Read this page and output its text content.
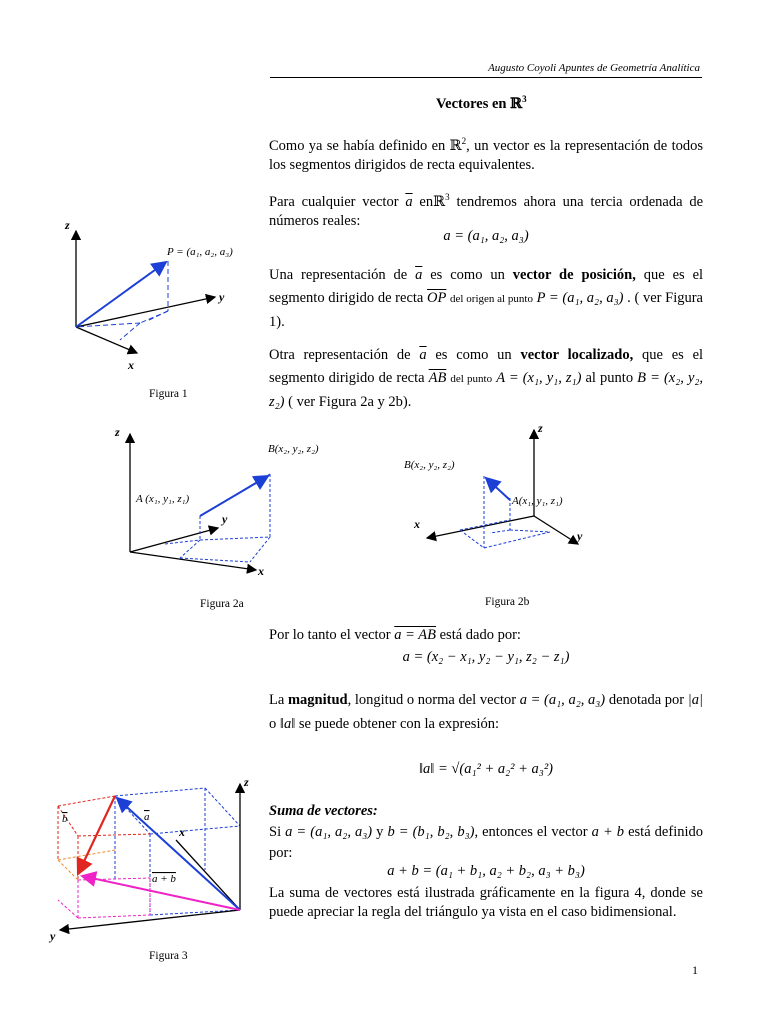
Augusto Coyoli Apuntes de Geometría Analítica
Vectores en ℝ$^3$
Como ya se había definido en ℝ$^2$, un vector es la representación de todos los segmentos dirigidos de recta equivalentes.
Para cualquier vector $\overline{a}$ enℝ$^3$ tendremos ahora una tercia ordenada de números reales:
a = (a₁, a₂, a₃)
Una representación de $\overline{a}$ es como un vector de posición, que es el segmento dirigido de recta $\overline{OP}$ del origen al punto P = (a₁, a₂, a₃) . ( ver Figura 1).
Otra representación de $\overline{a}$ es como un vector localizado, que es el segmento dirigido de recta $\overline{AB}$ del punto A = (x₁, y₁, z₁) al punto B = (x₂, y₂, z₂) ( ver Figura 2a y 2b).
Por lo tanto el vector a = AB está dado por:
a = (x₂ − x₁, y₂ − y₁, z₂ − z₁)
La magnitud, longitud o norma del vector a = (a₁, a₂, a₃) denotada por |a| o ‖a‖ se puede obtener con la expresión:
‖a‖ = √(a₁² + a₂² + a₃²)
Suma de vectores:
Si a = (a₁, a₂, a₃) y b = (b₁, b₂, b₃), entonces el vector a + b está definido por:
a + b = (a₁ + b₁, a₂ + b₂, a₃ + b₃)
La suma de vectores está ilustrada gráficamente en la figura 4, donde se puede apreciar la regla del triángulo ya vista en el caso bidimensional.
z
y
x
P = (a₁, a₂, a₃)
Figura 1
z
y
x
A (x₁, y₁, z₁)
B(x₂, y₂, z₂)
Figura 2a
z
y
x
A(x₁, y₁, z₁)
B(x₂, y₂, z₂)
Figura 2b
z
y
x
b	a
a + b
Figura 3
1
